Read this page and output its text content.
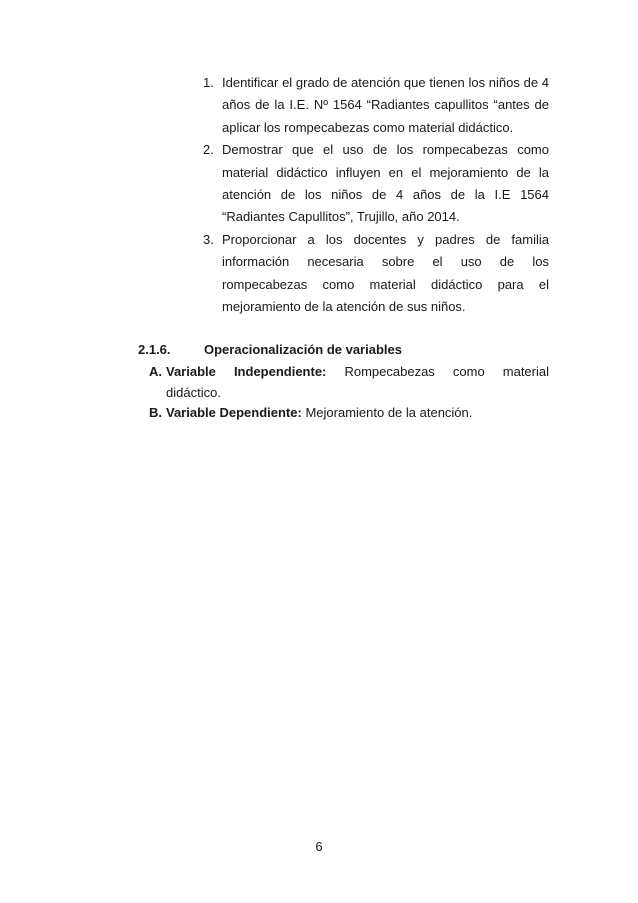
1. Identificar el grado de atención que tienen los niños de 4 años de la I.E. Nº 1564 “Radiantes capullitos “antes de aplicar los rompecabezas como material didáctico.
2. Demostrar que el uso de los rompecabezas como material didáctico influyen en el mejoramiento de la atención de los niños de 4 años de la I.E 1564 “Radiantes Capullitos”, Trujillo, año 2014.
3. Proporcionar a los docentes y padres de familia información necesaria sobre el uso de los rompecabezas como material didáctico para el mejoramiento de la atención de sus niños.
2.1.6.	Operacionalización de variables
A. Variable Independiente: Rompecabezas como material didáctico.
B. Variable Dependiente: Mejoramiento de la atención.
6
